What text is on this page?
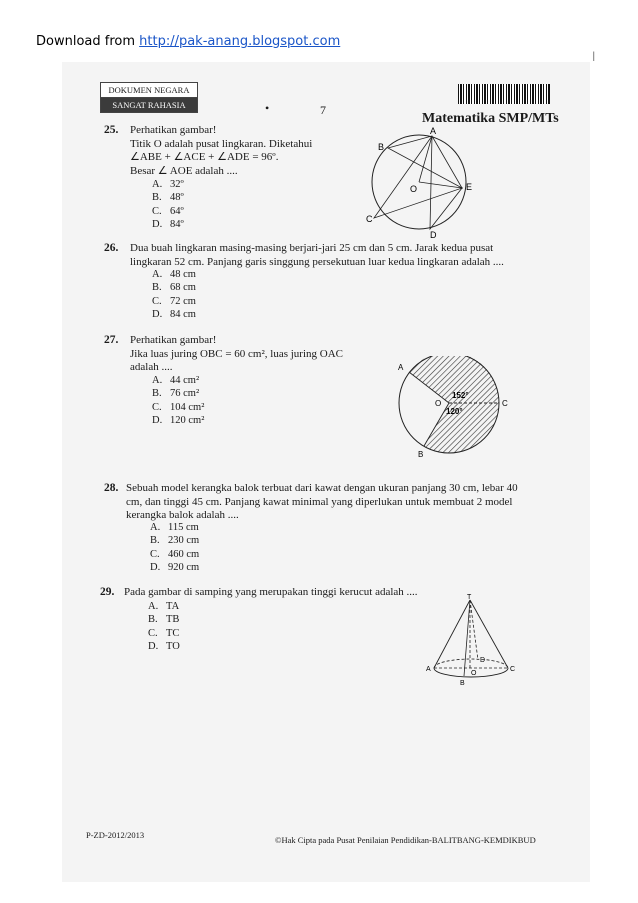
Download from http://pak-anang.blogspot.com
l
DOKUMEN NEGARA
SANGAT RAHASIA	•	7
Matematika SMP/MTs
25. Perhatikan gambar!
Titik O adalah pusat lingkaran. Diketahui
∠ABE + ∠ACE + ∠ADE = 96º.
Besar ∠ AOE adalah ....
A. 32º
B. 48º
C. 64º
D. 84º
A
B
O	E
C
D
26. Dua buah lingkaran masing-masing berjari-jari 25 cm dan 5 cm. Jarak kedua pusat
lingkaran 52 cm. Panjang garis singgung persekutuan luar kedua lingkaran adalah ....
A. 48 cm
B. 68 cm
C. 72 cm
D. 84 cm
27. Perhatikan gambar!
Jika luas juring OBC = 60 cm², luas juring OAC
adalah ....
A. 44 cm²
B. 76 cm²
C. 104 cm²
D. 120 cm²
A
O	C
B
152°
120°
28. Sebuah model kerangka balok terbuat dari kawat dengan ukuran panjang 30 cm, lebar 40
cm, dan tinggi 45 cm. Panjang kawat minimal yang diperlukan untuk membuat 2 model
kerangka balok adalah ....
A. 115 cm
B. 230 cm
C. 460 cm
D. 920 cm
29. Pada gambar di samping yang merupakan tinggi kerucut adalah ....
A. TA
B. TB
C. TC
D. TO
T
A
O
C
B
D
P-ZD-2012/2013	©Hak Cipta pada Pusat Penilaian Pendidikan-BALITBANG-KEMDIKBUD
